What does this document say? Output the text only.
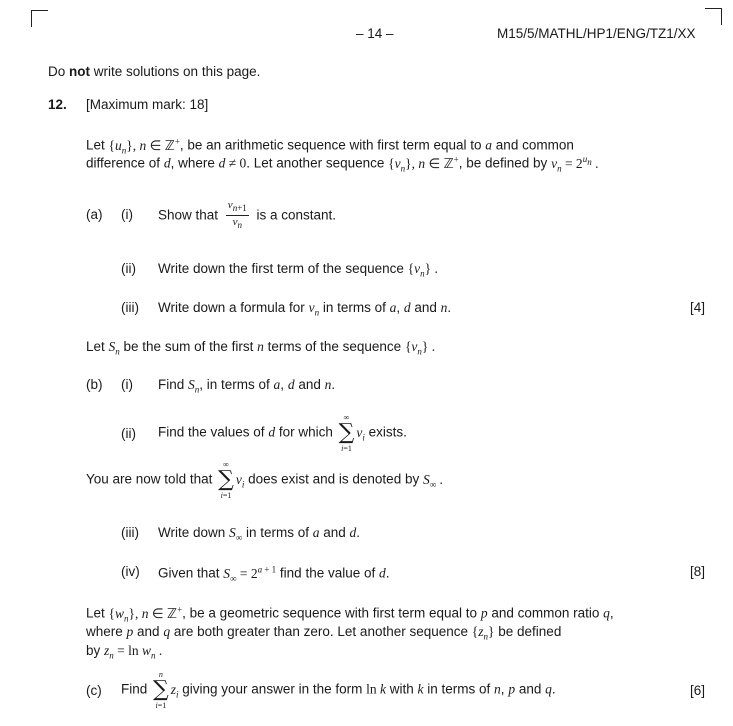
– 14 –	M15/5/MATHL/HP1/ENG/TZ1/XX
Do not write solutions on this page.
12. [Maximum mark: 18]
Let $\{u_n\}$, n ∈ ℤ+, be an arithmetic sequence with first term equal to a and common
difference of d, where d ≠ 0. Let another sequence $\{v_n\}$, n ∈ ℤ+, be defined by $v_n = 2^{u_n}$ .
(a) (i) Show that $\frac{v_{n+1}}{v_n}$ is a constant.
(ii) Write down the first term of the sequence $\{v_n\}$ .
(iii) Write down a formula for $v_n$ in terms of a, d and n.	[4]
Let $S_n$ be the sum of the first n terms of the sequence $\{v_n\}$ .
(b) (i) Find $S_n$, in terms of a, d and n.
(ii) Find the values of d for which
∞
∑
i=1
$v_i$ exists.
You are now told that
∞
∑
i=1
$v_i$ does exist and is denoted by $S_\infty$ .
(iii) Write down $S_\infty$ in terms of a and d.
(iv) Given that $S_\infty = 2^{a + 1}$ find the value of d.	[8]
Let $\{w_n\}$, n ∈ ℤ+, be a geometric sequence with first term equal to p and common ratio q,
where p and q are both greater than zero. Let another sequence $\{z_n\}$ be defined
by $z_n = \ln w_n$ .
(c) Find
n
∑
i=1
$z_i$ giving your answer in the form ln k with k in terms of n, p and q.	[6]
